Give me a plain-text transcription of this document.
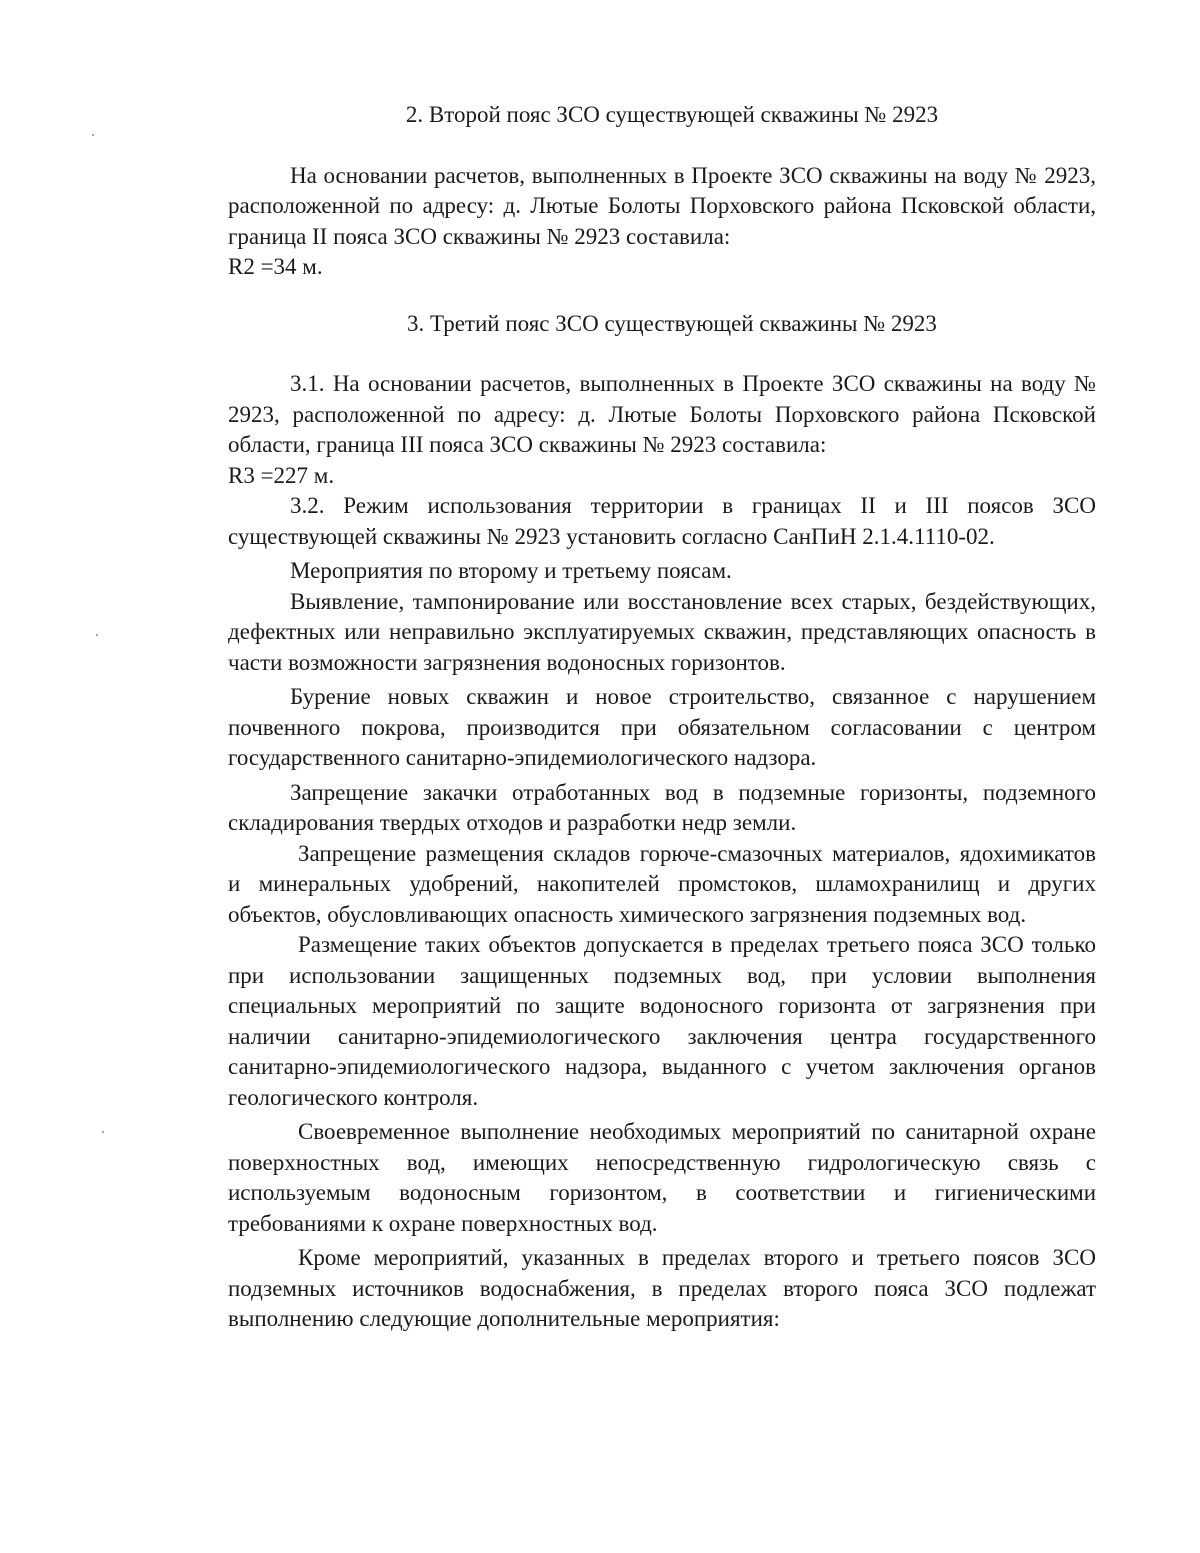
2. Второй пояс ЗСО существующей скважины № 2923

На основании расчетов, выполненных в Проекте ЗСО скважины на воду № 2923, расположенной по адресу: д. Лютые Болоты Порховского района Псковской области, граница II пояса ЗСО скважины № 2923 составила:

R2 =34 м.

3. Третий пояс ЗСО существующей скважины № 2923

3.1. На основании расчетов, выполненных в Проекте ЗСО скважины на воду № 2923, расположенной по адресу: д. Лютые Болоты Порховского района Псковской области, граница III пояса ЗСО скважины № 2923 составила:

R3 =227 м.

3.2. Режим использования территории в границах II и III поясов ЗСО существующей скважины № 2923 установить согласно СанПиН 2.1.4.1110-02.

Мероприятия по второму и третьему поясам.

Выявление, тампонирование или восстановление всех старых, бездействующих, дефектных или неправильно эксплуатируемых скважин, представляющих опасность в части возможности загрязнения водоносных горизонтов.

Бурение новых скважин и новое строительство, связанное с нарушением почвенного покрова, производится при обязательном согласовании с центром государственного санитарно-эпидемиологического надзора.

Запрещение закачки отработанных вод в подземные горизонты, подземного складирования твердых отходов и разработки недр земли.

Запрещение размещения складов горюче-смазочных материалов, ядохимикатов и минеральных удобрений, накопителей промстоков, шламохранилищ и других объектов, обусловливающих опасность химического загрязнения подземных вод.

Размещение таких объектов допускается в пределах третьего пояса ЗСО только при использовании защищенных подземных вод, при условии выполнения специальных мероприятий по защите водоносного горизонта от загрязнения при наличии санитарно-эпидемиологического заключения центра государственного санитарно-эпидемиологического надзора, выданного с учетом заключения органов геологического контроля.

Своевременное выполнение необходимых мероприятий по санитарной охране поверхностных вод, имеющих непосредственную гидрологическую связь с используемым водоносным горизонтом, в соответствии и гигиеническими требованиями к охране поверхностных вод.

Кроме мероприятий, указанных в пределах второго и третьего поясов ЗСО подземных источников водоснабжения, в пределах второго пояса ЗСО подлежат выполнению следующие дополнительные мероприятия:
